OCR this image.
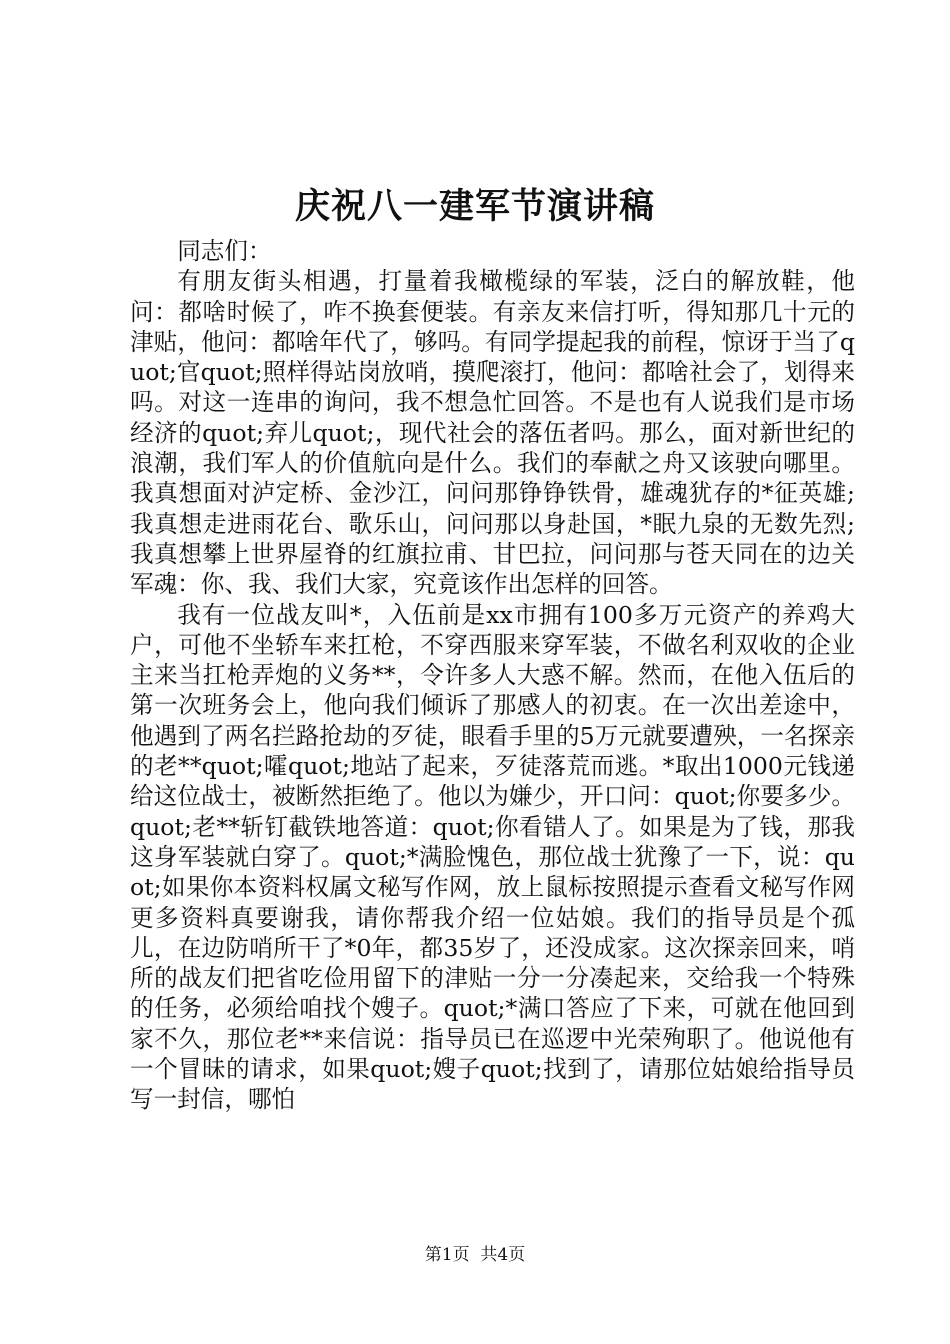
庆祝八一建军节演讲稿

同志们：

有朋友街头相遇，打量着我橄榄绿的军装，泛白的解放鞋，他问：都啥时候了，咋不换套便装。有亲友来信打听，得知那几十元的津贴，他问：都啥年代了，够吗。有同学提起我的前程，惊讶于当了quot;官quot;照样得站岗放哨，摸爬滚打，他问：都啥社会了，划得来吗。对这一连串的询问，我不想急忙回答。不是也有人说我们是市场经济的quot;弃儿quot;，现代社会的落伍者吗。那么，面对新世纪的浪潮，我们军人的价值航向是什么。我们的奉献之舟又该驶向哪里。我真想面对泸定桥、金沙江，问问那铮铮铁骨，雄魂犹存的*征英雄;我真想走进雨花台、歌乐山，问问那以身赴国，*眠九泉的无数先烈;我真想攀上世界屋脊的红旗拉甫、甘巴拉，问问那与苍天同在的边关军魂：你、我、我们大家，究竟该作出怎样的回答。

我有一位战友叫*，入伍前是xx市拥有100多万元资产的养鸡大户，可他不坐轿车来扛枪，不穿西服来穿军装，不做名利双收的企业主来当扛枪弄炮的义务**，令许多人大惑不解。然而，在他入伍后的第一次班务会上，他向我们倾诉了那感人的初衷。在一次出差途中，他遇到了两名拦路抢劫的歹徒，眼看手里的5万元就要遭殃，一名探亲的老**quot;嚯quot;地站了起来，歹徒落荒而逃。*取出1000元钱递给这位战士，被断然拒绝了。他以为嫌少，开口问：quot;你要多少。quot;老**斩钉截铁地答道：quot;你看错人了。如果是为了钱，那我这身军装就白穿了。quot;*满脸愧色，那位战士犹豫了一下，说：quot;如果你本资料权属文秘写作网，放上鼠标按照提示查看文秘写作网更多资料真要谢我，请你帮我介绍一位姑娘。我们的指导员是个孤儿，在边防哨所干了*0年，都35岁了，还没成家。这次探亲回来，哨所的战友们把省吃俭用留下的津贴一分一分凑起来，交给我一个特殊的任务，必须给咱找个嫂子。quot;*满口答应了下来，可就在他回到家不久，那位老**来信说：指导员已在巡逻中光荣殉职了。他说他有一个冒昧的请求，如果quot;嫂子quot;找到了，请那位姑娘给指导员写一封信，哪怕

第1页  共4页
